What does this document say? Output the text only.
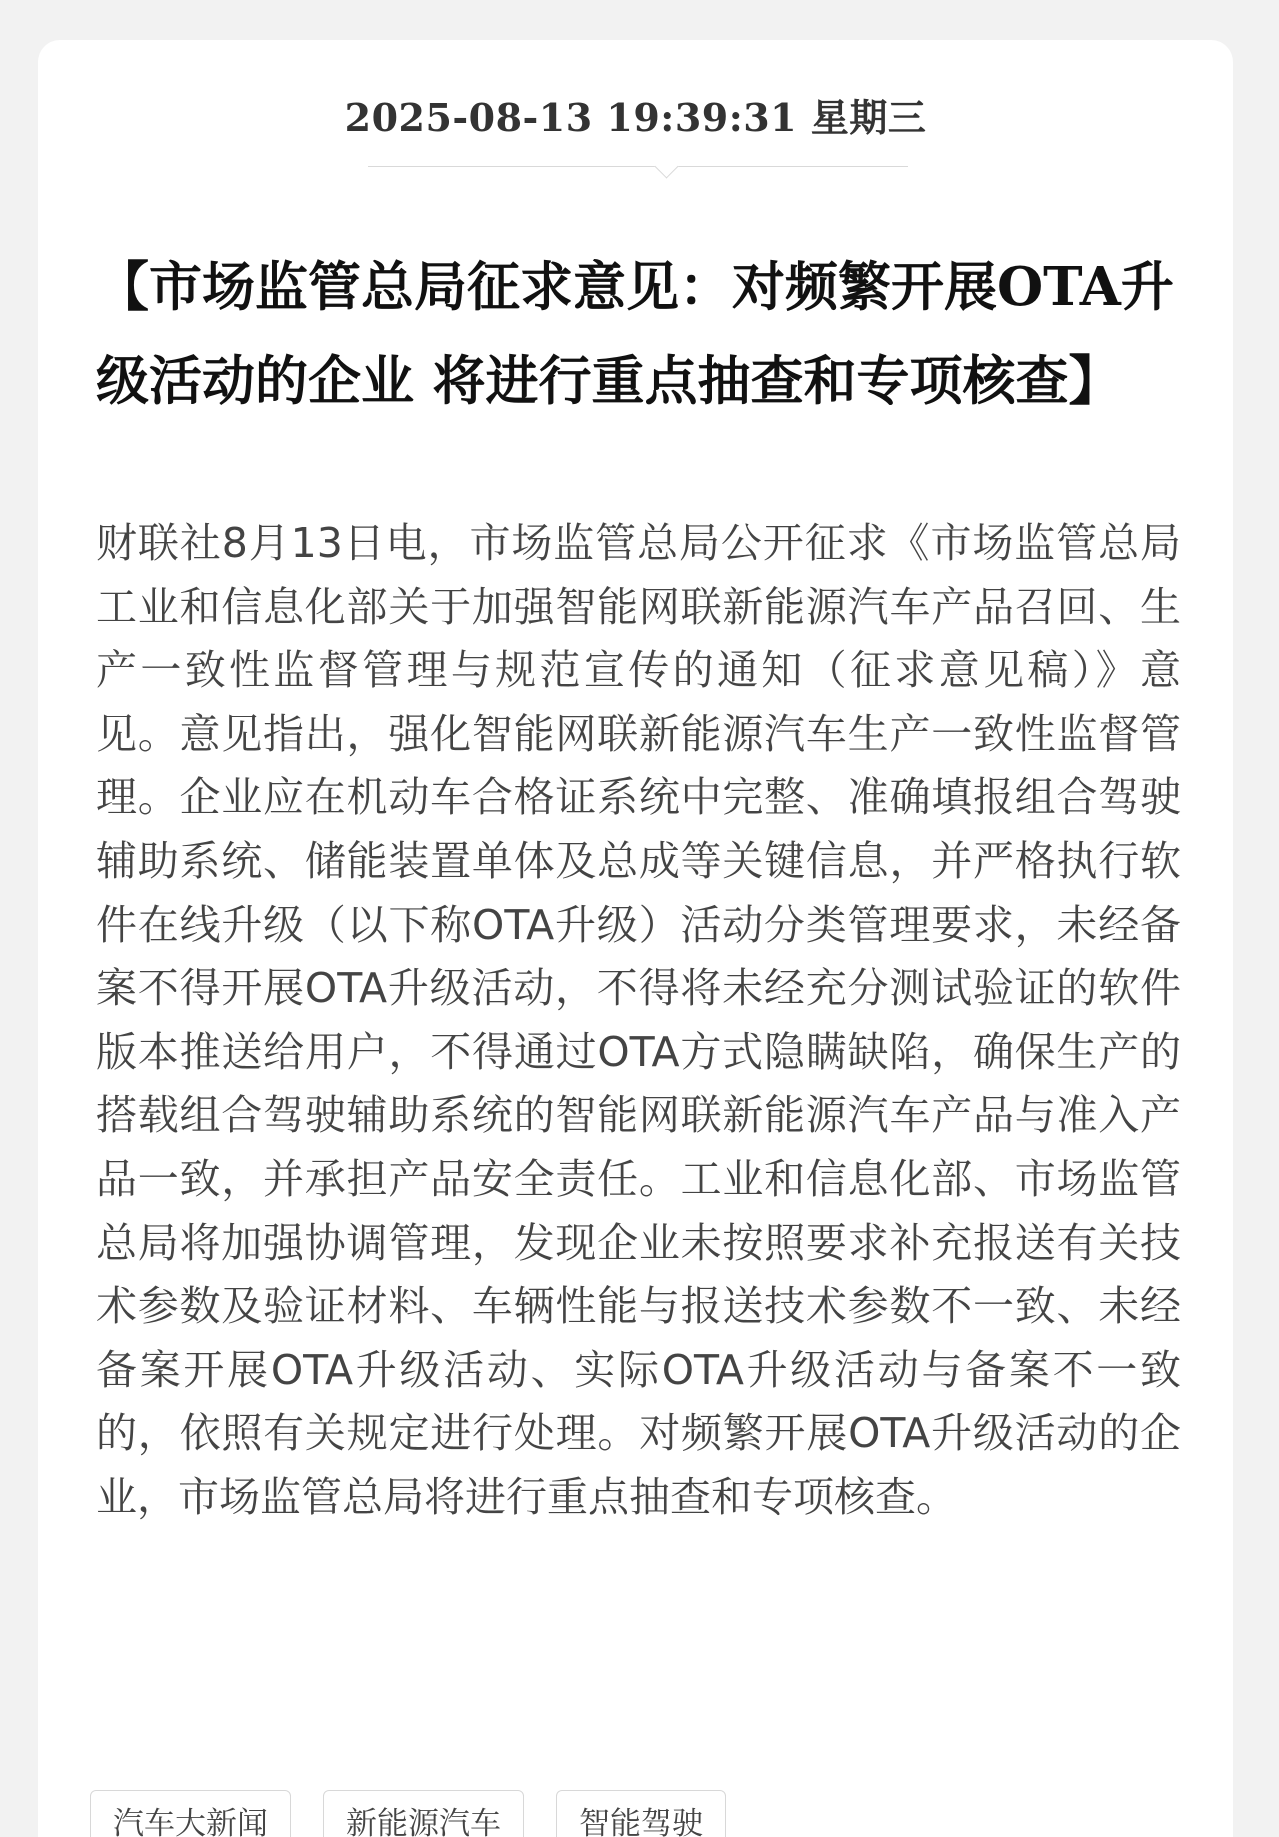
2025-08-13 19:39:31 星期三
【市场监管总局征求意见：对频繁开展OTA升级活动的企业 将进行重点抽查和专项核查】

财联社8月13日电，市场监管总局公开征求《市场监管总局 工业和信息化部关于加强智能网联新能源汽车产品召回、生产一致性监督管理与规范宣传的通知（征求意见稿）》意见。意见指出，强化智能网联新能源汽车生产一致性监督管理。企业应在机动车合格证系统中完整、准确填报组合驾驶辅助系统、储能装置单体及总成等关键信息，并严格执行软件在线升级（以下称OTA升级）活动分类管理要求，未经备案不得开展OTA升级活动，不得将未经充分测试验证的软件版本推送给用户，不得通过OTA方式隐瞒缺陷，确保生产的搭载组合驾驶辅助系统的智能网联新能源汽车产品与准入产品一致，并承担产品安全责任。工业和信息化部、市场监管总局将加强协调管理，发现企业未按照要求补充报送有关技术参数及验证材料、车辆性能与报送技术参数不一致、未经备案开展OTA升级活动、实际OTA升级活动与备案不一致的，依照有关规定进行处理。对频繁开展OTA升级活动的企业，市场监管总局将进行重点抽查和专项核查。

汽车大新闻	新能源汽车	智能驾驶
